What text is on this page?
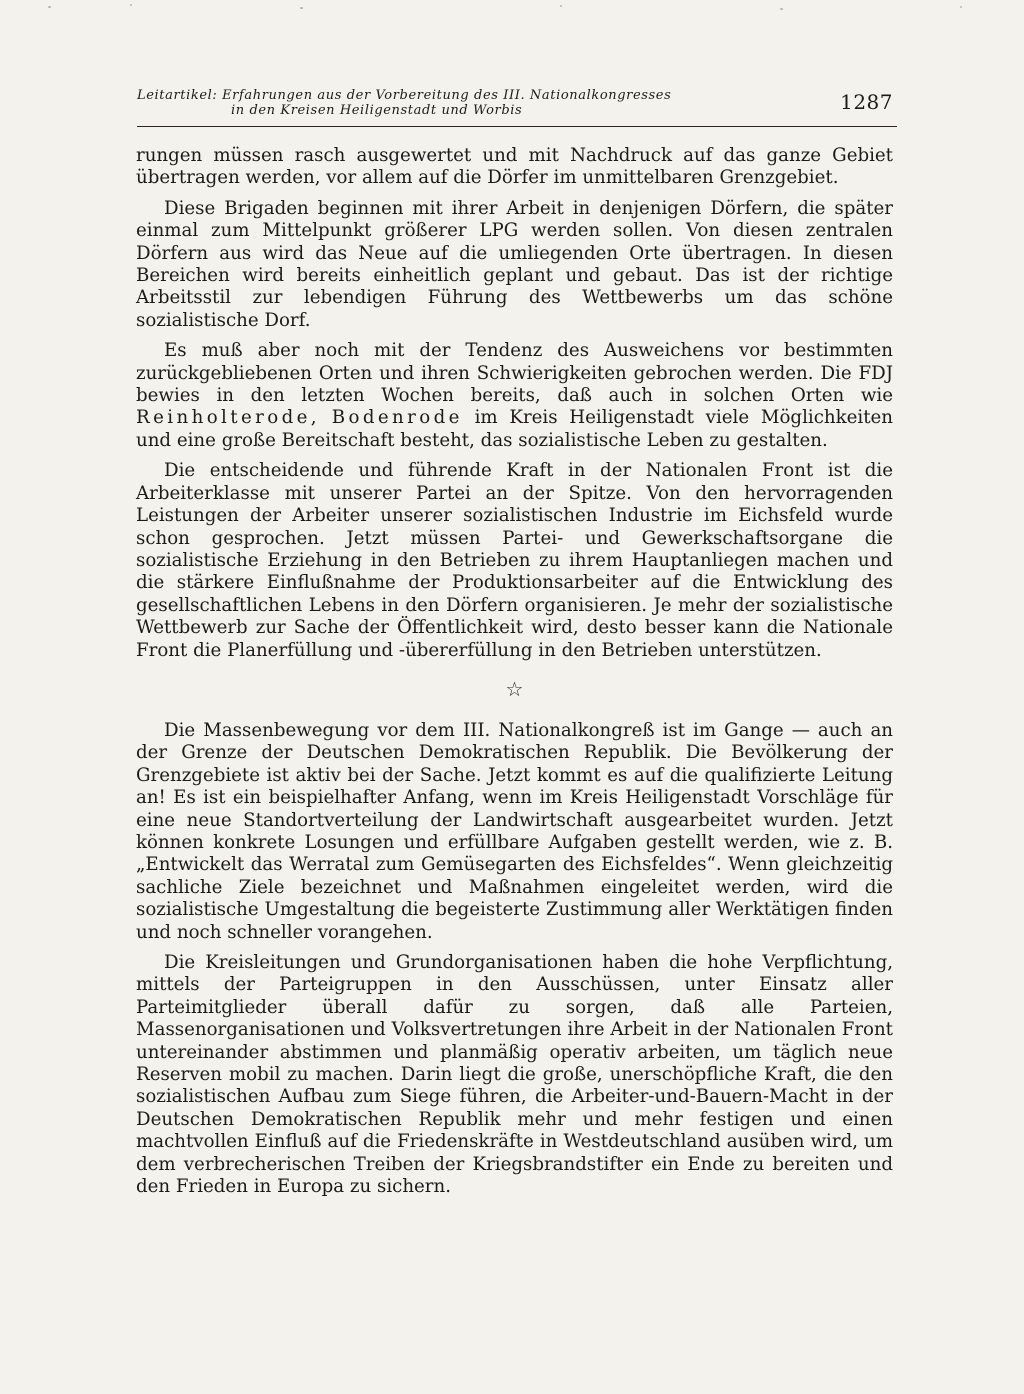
Leitartikel: Erfahrungen aus der Vorbereitung des III. Nationalkongresses
in den Kreisen Heiligenstadt und Worbis	1287

rungen müssen rasch ausgewertet und mit Nachdruck auf das ganze Gebiet übertragen werden, vor allem auf die Dörfer im unmittelbaren Grenzgebiet.

Diese Brigaden beginnen mit ihrer Arbeit in denjenigen Dörfern, die später einmal zum Mittelpunkt größerer LPG werden sollen. Von diesen zentralen Dörfern aus wird das Neue auf die umliegenden Orte übertragen. In diesen Bereichen wird bereits einheitlich geplant und gebaut. Das ist der richtige Arbeitsstil zur lebendigen Führung des Wettbewerbs um das schöne sozialistische Dorf.

Es muß aber noch mit der Tendenz des Ausweichens vor bestimmten zurückgebliebenen Orten und ihren Schwierigkeiten gebrochen werden. Die FDJ bewies in den letzten Wochen bereits, daß auch in solchen Orten wie Reinholterode, Bodenrode im Kreis Heiligenstadt viele Möglichkeiten und eine große Bereitschaft besteht, das sozialistische Leben zu gestalten.

Die entscheidende und führende Kraft in der Nationalen Front ist die Arbeiterklasse mit unserer Partei an der Spitze. Von den hervorragenden Leistungen der Arbeiter unserer sozialistischen Industrie im Eichsfeld wurde schon gesprochen. Jetzt müssen Partei- und Gewerkschaftsorgane die sozialistische Erziehung in den Betrieben zu ihrem Hauptanliegen machen und die stärkere Einflußnahme der Produktionsarbeiter auf die Entwicklung des gesellschaftlichen Lebens in den Dörfern organisieren. Je mehr der sozialistische Wettbewerb zur Sache der Öffentlichkeit wird, desto besser kann die Nationale Front die Planerfüllung und -übererfüllung in den Betrieben unterstützen.

☆

Die Massenbewegung vor dem III. Nationalkongreß ist im Gange — auch an der Grenze der Deutschen Demokratischen Republik. Die Bevölkerung der Grenzgebiete ist aktiv bei der Sache. Jetzt kommt es auf die qualifizierte Leitung an! Es ist ein beispielhafter Anfang, wenn im Kreis Heiligenstadt Vorschläge für eine neue Standortverteilung der Landwirtschaft ausgearbeitet wurden. Jetzt können konkrete Losungen und erfüllbare Aufgaben gestellt werden, wie z. B. „Entwickelt das Werratal zum Gemüsegarten des Eichsfeldes“. Wenn gleichzeitig sachliche Ziele bezeichnet und Maßnahmen eingeleitet werden, wird die sozialistische Umgestaltung die begeisterte Zustimmung aller Werktätigen finden und noch schneller vorangehen.

Die Kreisleitungen und Grundorganisationen haben die hohe Verpflichtung, mittels der Parteigruppen in den Ausschüssen, unter Einsatz aller Parteimitglieder überall dafür zu sorgen, daß alle Parteien, Massenorganisationen und Volksvertretungen ihre Arbeit in der Nationalen Front untereinander abstimmen und planmäßig operativ arbeiten, um täglich neue Reserven mobil zu machen. Darin liegt die große, unerschöpfliche Kraft, die den sozialistischen Aufbau zum Siege führen, die Arbeiter-und-Bauern-Macht in der Deutschen Demokratischen Republik mehr und mehr festigen und einen machtvollen Einfluß auf die Friedenskräfte in Westdeutschland ausüben wird, um dem verbrecherischen Treiben der Kriegsbrandstifter ein Ende zu bereiten und den Frieden in Europa zu sichern.
